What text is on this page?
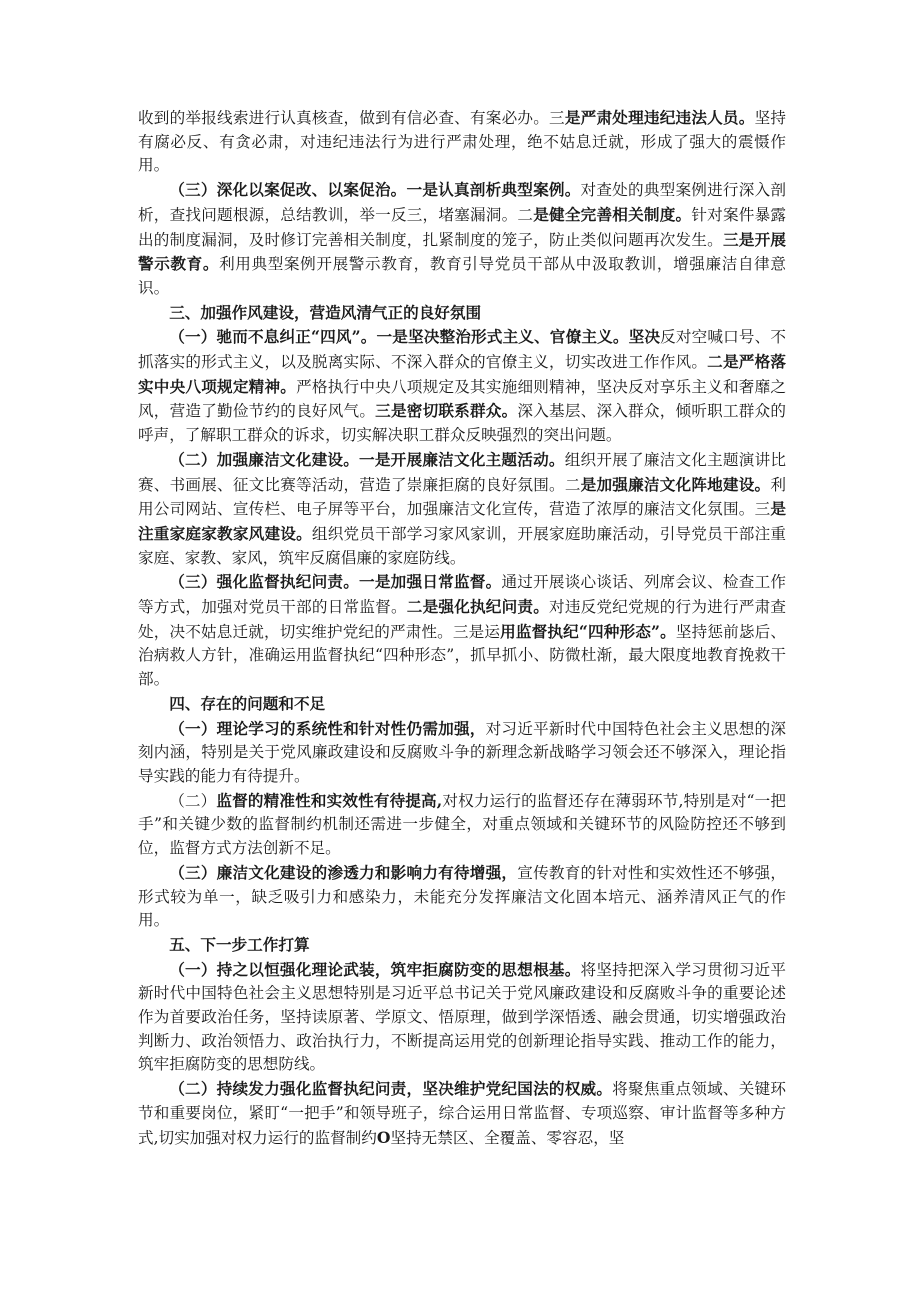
收到的举报线索进行认真核查，做到有信必查、有案必办。三是严肃处理违纪违法人员。坚持有腐必反、有贪必肃，对违纪违法行为进行严肃处理，绝不姑息迁就，形成了强大的震慑作用。

（三）深化以案促改、以案促治。一是认真剖析典型案例。对查处的典型案例进行深入剖析，查找问题根源，总结教训，举一反三，堵塞漏洞。二是健全完善相关制度。针对案件暴露出的制度漏洞，及时修订完善相关制度，扎紧制度的笼子，防止类似问题再次发生。三是开展警示教育。利用典型案例开展警示教育，教育引导党员干部从中汲取教训，增强廉洁自律意识。

三、加强作风建设，营造风清气正的良好氛围

（一）驰而不息纠正“四风”。一是坚决整治形式主义、官僚主义。坚决反对空喊口号、不抓落实的形式主义，以及脱离实际、不深入群众的官僚主义，切实改进工作作风。二是严格落实中央八项规定精神。严格执行中央八项规定及其实施细则精神，坚决反对享乐主义和奢靡之风，营造了勤俭节约的良好风气。三是密切联系群众。深入基层、深入群众，倾听职工群众的呼声，了解职工群众的诉求，切实解决职工群众反映强烈的突出问题。

（二）加强廉洁文化建设。一是开展廉洁文化主题活动。组织开展了廉洁文化主题演讲比赛、书画展、征文比赛等活动，营造了崇廉拒腐的良好氛围。二是加强廉洁文化阵地建设。利用公司网站、宣传栏、电子屏等平台，加强廉洁文化宣传，营造了浓厚的廉洁文化氛围。三是注重家庭家教家风建设。组织党员干部学习家风家训，开展家庭助廉活动，引导党员干部注重家庭、家教、家风，筑牢反腐倡廉的家庭防线。

（三）强化监督执纪问责。一是加强日常监督。通过开展谈心谈话、列席会议、检查工作等方式，加强对党员干部的日常监督。二是强化执纪问责。对违反党纪党规的行为进行严肃查处，决不姑息迁就，切实维护党纪的严肃性。三是运用监督执纪“四种形态”。坚持惩前毖后、治病救人方针，准确运用监督执纪“四种形态”，抓早抓小、防微杜渐，最大限度地教育挽救干部。

四、存在的问题和不足

（一）理论学习的系统性和针对性仍需加强，对习近平新时代中国特色社会主义思想的深刻内涵，特别是关于党风廉政建设和反腐败斗争的新理念新战略学习领会还不够深入，理论指导实践的能力有待提升。

（二）监督的精准性和实效性有待提高,对权力运行的监督还存在薄弱环节,特别是对“一把手”和关键少数的监督制约机制还需进一步健全，对重点领域和关键环节的风险防控还不够到位，监督方式方法创新不足。

（三）廉洁文化建设的渗透力和影响力有待增强，宣传教育的针对性和实效性还不够强，形式较为单一，缺乏吸引力和感染力，未能充分发挥廉洁文化固本培元、涵养清风正气的作用。

五、下一步工作打算

（一）持之以恒强化理论武装，筑牢拒腐防变的思想根基。将坚持把深入学习贯彻习近平新时代中国特色社会主义思想特别是习近平总书记关于党风廉政建设和反腐败斗争的重要论述作为首要政治任务，坚持读原著、学原文、悟原理，做到学深悟透、融会贯通，切实增强政治判断力、政治领悟力、政治执行力，不断提高运用党的创新理论指导实践、推动工作的能力，筑牢拒腐防变的思想防线。

（二）持续发力强化监督执纪问责，坚决维护党纪国法的权威。将聚焦重点领域、关键环节和重要岗位，紧盯“一把手”和领导班子，综合运用日常监督、专项巡察、审计监督等多种方式,切实加强对权力运行的监督制约O坚持无禁区、全覆盖、零容忍，坚
